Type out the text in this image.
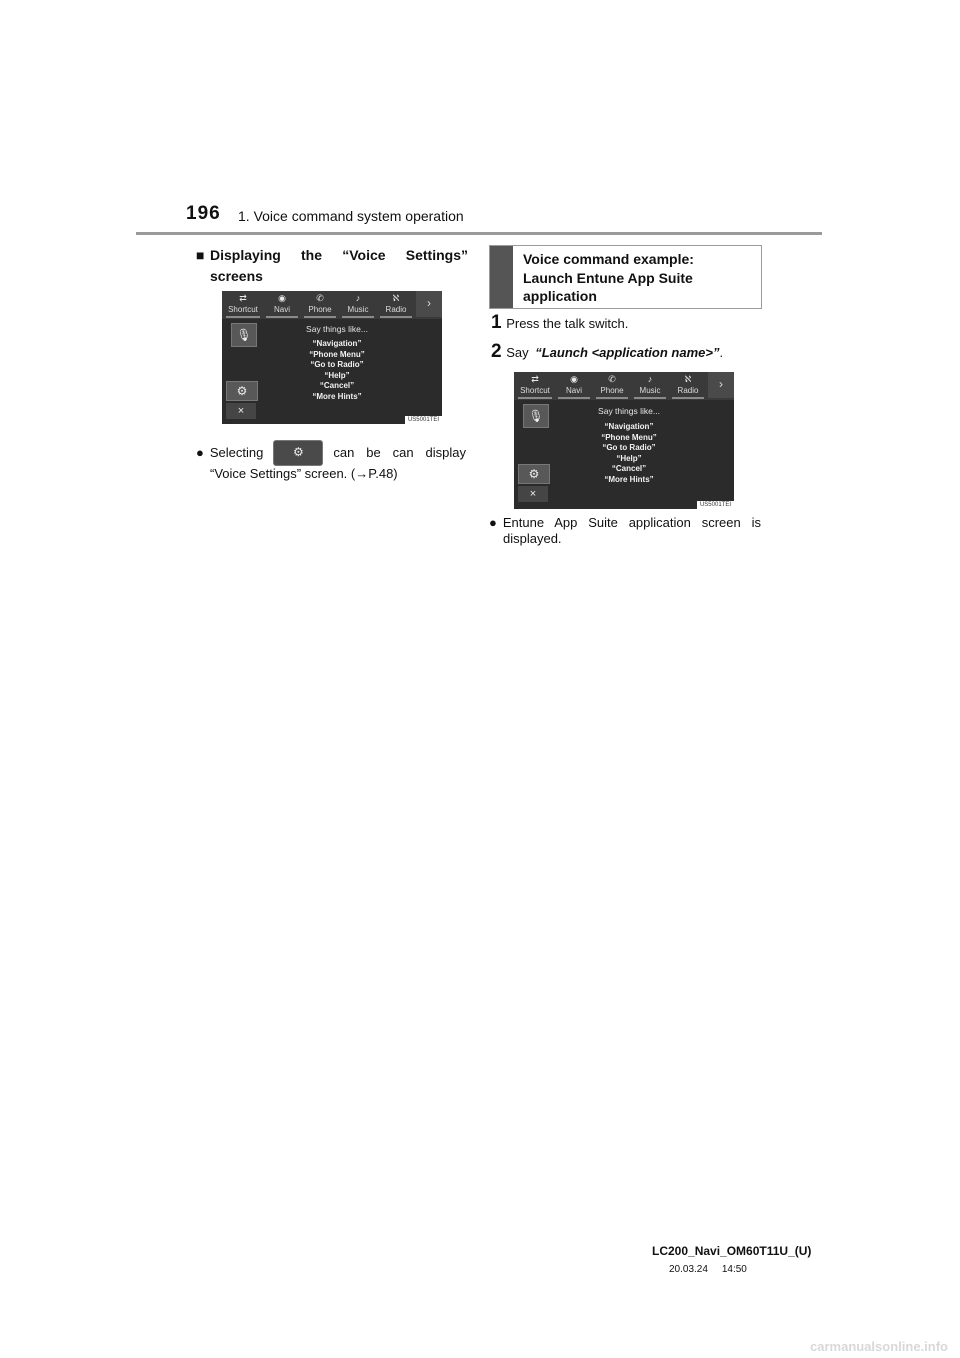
196 1. Voice command system operation
■ Displaying the “Voice Settings”
screens
⇄
Shortcut
◉
Navi
✆
Phone
♪
Music
ℵ
Radio	›
🎙
⚙
×
Say things like...
“Navigation”
“Phone Menu”
“Go to Radio”
“Help”
“Cancel”
“More Hints”
US5001TEI
● Selecting	⚙	can be can display
“Voice Settings” screen. (→P.48)
Voice command example:
Launch Entune App Suite
application
1 Press the talk switch.
2 Say “Launch <application name>”.
⇄
Shortcut
◉
Navi
✆
Phone
♪
Music
ℵ
Radio	›
🎙
⚙
×
Say things like...
“Navigation”
“Phone Menu”
“Go to Radio”
“Help”
“Cancel”
“More Hints”
US5001TEI
● Entune App Suite application screen is
displayed.
LC200_Navi_OM60T11U_(U)
20.03.24     14:50
carmanualsonline.info
